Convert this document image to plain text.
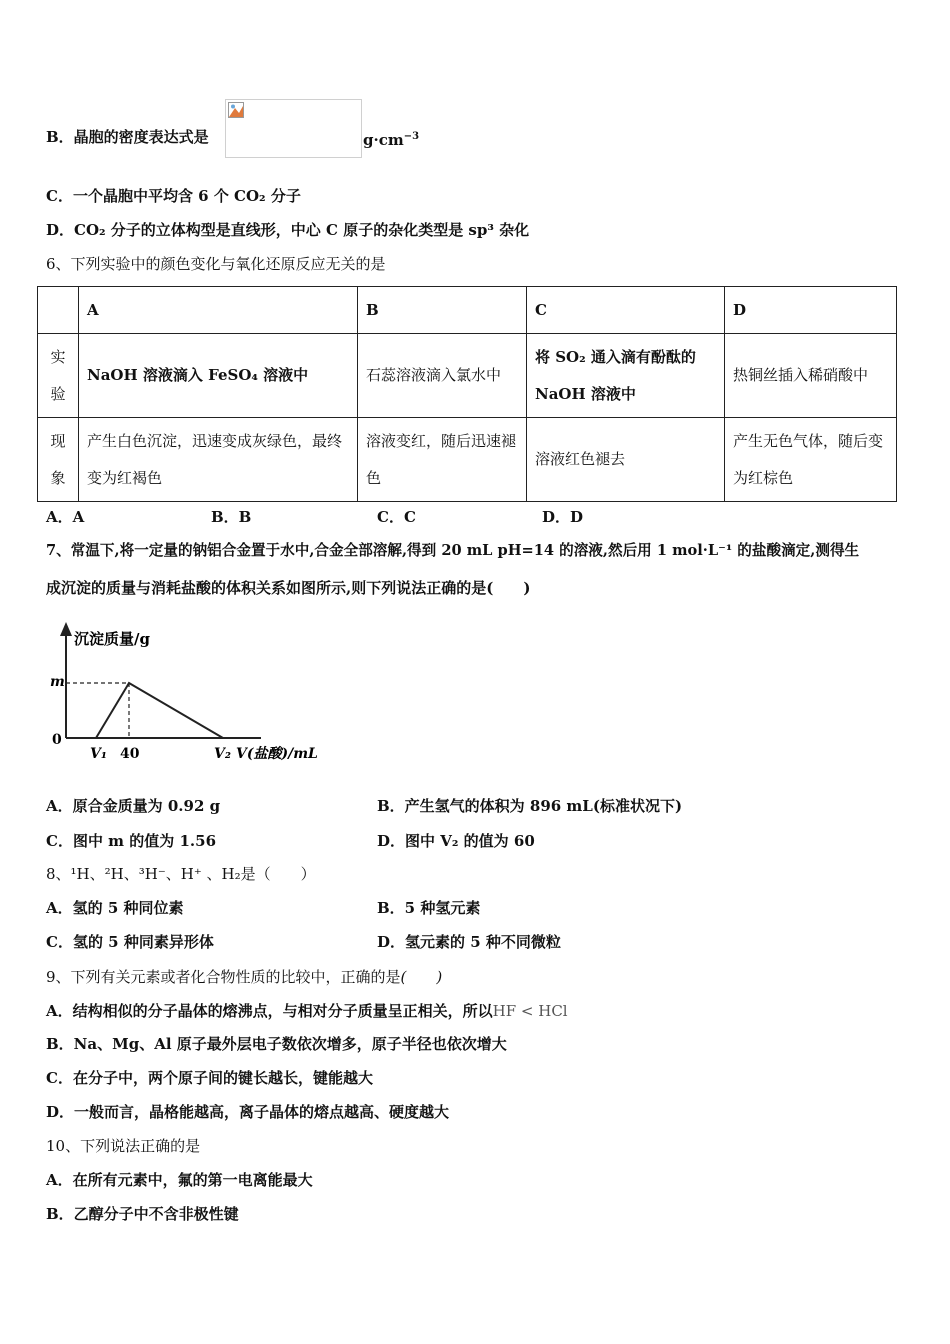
B．晶胞的密度表达式是	$g\cdot cm^{-3}$
C．一个晶胞中平均含 6 个 CO₂ 分子
D．CO₂ 分子的立体构型是直线形，中心 C 原子的杂化类型是 sp³ 杂化
6、下列实验中的颜色变化与氧化还原反应无关的是
	A	B	C	D
实
验	NaOH 溶液滴入 FeSO₄ 溶液中	石蕊溶液滴入氯水中	将 SO₂ 通入滴有酚酞的 NaOH 溶液中	热铜丝插入稀硝酸中
现
象	产生白色沉淀，迅速变成灰绿色，最终变为红褐色	溶液变红，随后迅速褪色	溶液红色褪去	产生无色气体，随后变为红棕色
A．A	B．B	C．C	D．D
7、常温下,将一定量的钠铝合金置于水中,合金全部溶解,得到 20 mL pH=14 的溶液,然后用 1 mol·L⁻¹ 的盐酸滴定,测得生
成沉淀的质量与消耗盐酸的体积关系如图所示,则下列说法正确的是(　　)
沉淀质量/g
m
0
V₁ 40	V₂ V(盐酸)/mL
A．原合金质量为 0.92 g	B．产生氢气的体积为 896 mL(标准状况下)
C．图中 m 的值为 1.56	D．图中 V₂ 的值为 60
8、¹H、²H、³H⁻、H⁺ 、H₂是（　　）
A．氢的 5 种同位素	B．5 种氢元素
C．氢的 5 种同素异形体	D．氢元素的 5 种不同微粒
9、下列有关元素或者化合物性质的比较中，正确的是(　　)
A．结构相似的分子晶体的熔沸点，与相对分子质量呈正相关，所以HF < HCl
B．Na、Mg、Al 原子最外层电子数依次增多，原子半径也依次增大
C．在分子中，两个原子间的键长越长，键能越大
D．一般而言，晶格能越高，离子晶体的熔点越高、硬度越大
10、下列说法正确的是
A．在所有元素中，氟的第一电离能最大
B．乙醇分子中不含非极性键
